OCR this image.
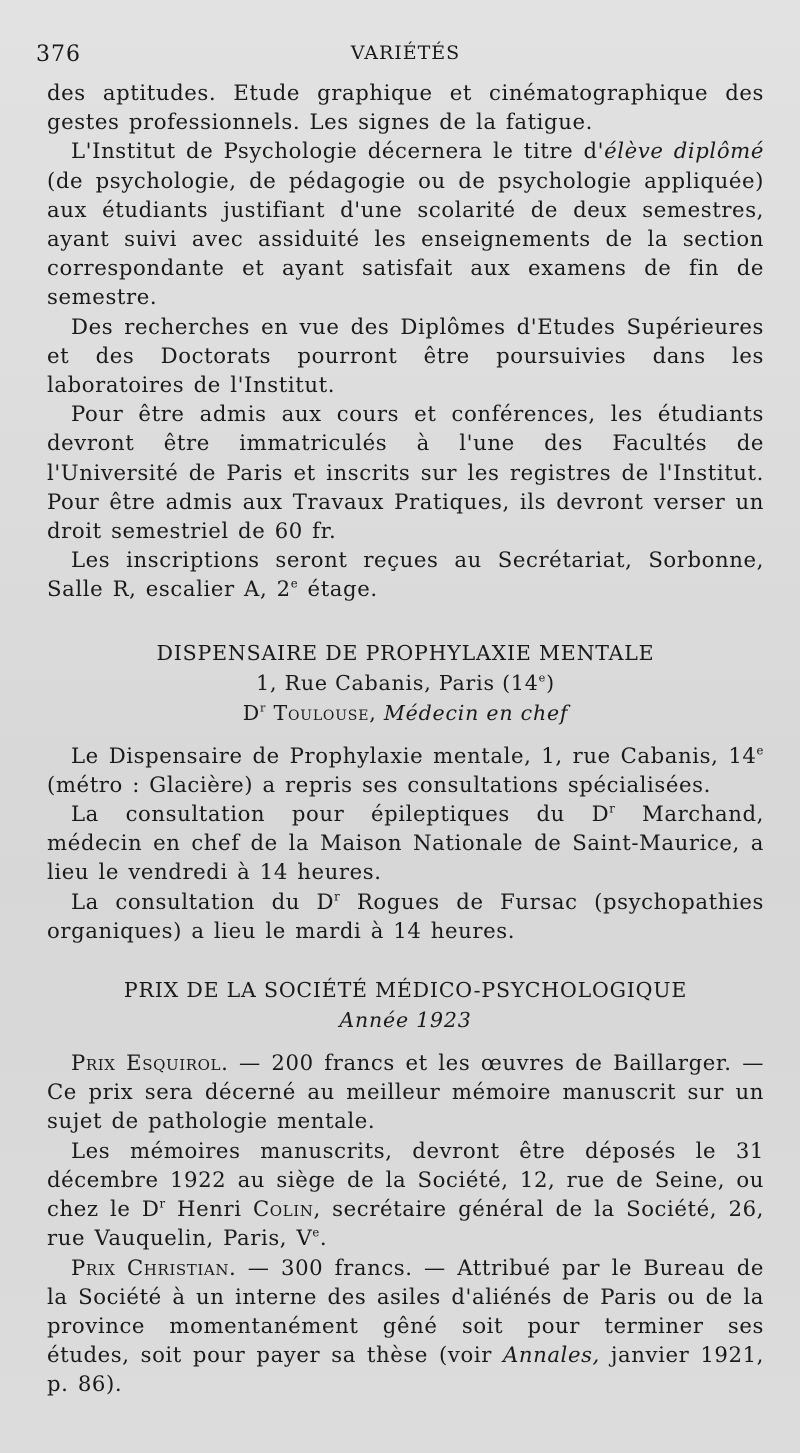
376	VARIÉTÉS

des aptitudes. Etude graphique et cinématographique des gestes professionnels. Les signes de la fatigue.

L'Institut de Psychologie décernera le titre d'élève diplômé (de psychologie, de pédagogie ou de psychologie appliquée) aux étudiants justifiant d'une scolarité de deux semestres, ayant suivi avec assiduité les enseignements de la section correspondante et ayant satisfait aux examens de fin de semestre.

Des recherches en vue des Diplômes d'Etudes Supérieures et des Doctorats pourront être poursuivies dans les laboratoires de l'Institut.

Pour être admis aux cours et conférences, les étudiants devront être immatriculés à l'une des Facultés de l'Université de Paris et inscrits sur les registres de l'Institut. Pour être admis aux Travaux Pratiques, ils devront verser un droit semestriel de 60 fr.

Les inscriptions seront reçues au Secrétariat, Sorbonne, Salle R, escalier A, 2e étage.

DISPENSAIRE DE PROPHYLAXIE MENTALE

1, Rue Cabanis, Paris (14e)

$D^r$ Toulouse, Médecin en chef

Le Dispensaire de Prophylaxie mentale, 1, rue Cabanis, 14e (métro : Glacière) a repris ses consultations spécialisées.

La consultation pour épileptiques du $D^r$ Marchand, médecin en chef de la Maison Nationale de Saint-Maurice, a lieu le vendredi à 14 heures.

La consultation du $D^r$ Rogues de Fursac (psychopathies organiques) a lieu le mardi à 14 heures.

PRIX DE LA SOCIÉTÉ MÉDICO-PSYCHOLOGIQUE

Année 1923

Prix Esquirol. — 200 francs et les œuvres de Baillarger. — Ce prix sera décerné au meilleur mémoire manuscrit sur un sujet de pathologie mentale.

Les mémoires manuscrits, devront être déposés le 31 décembre 1922 au siège de la Société, 12, rue de Seine, ou chez le $D^r$ Henri Colin, secrétaire général de la Société, 26, rue Vauquelin, Paris, Ve.

Prix Christian. — 300 francs. — Attribué par le Bureau de la Société à un interne des asiles d'aliénés de Paris ou de la province momentanément gêné soit pour terminer ses études, soit pour payer sa thèse (voir Annales, janvier 1921, p. 86).
